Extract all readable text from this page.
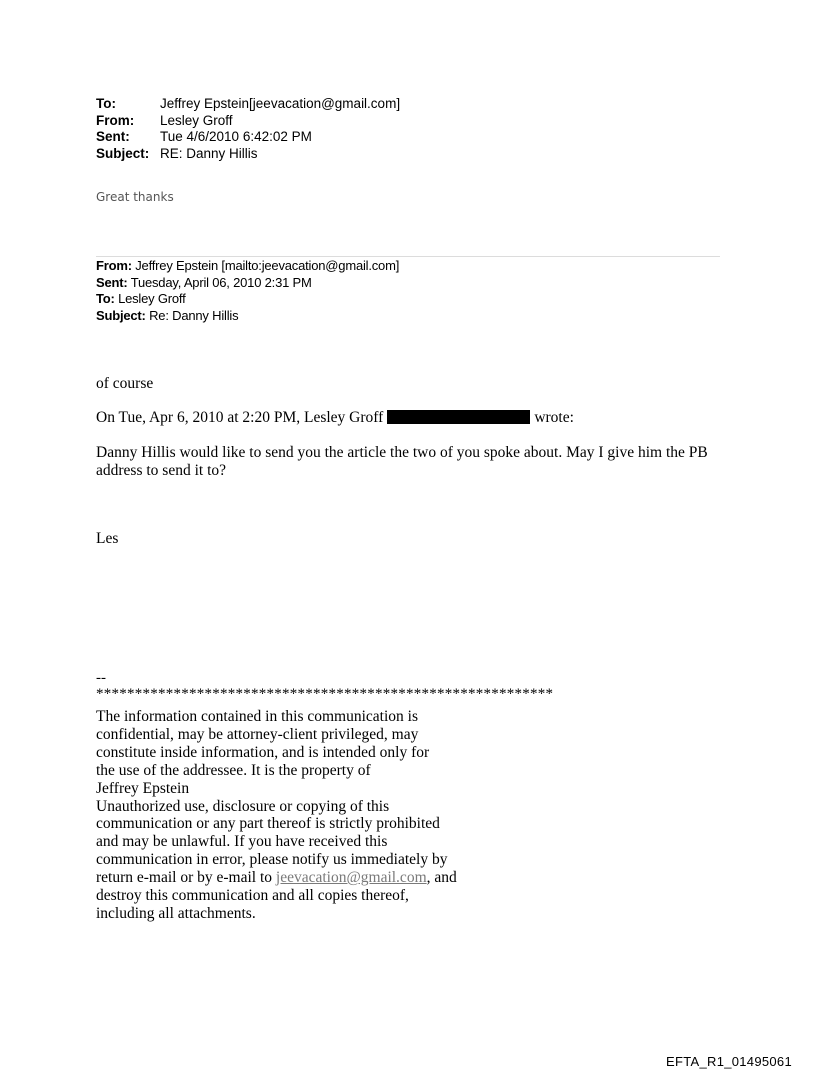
To:	Jeffrey Epstein[jeevacation@gmail.com]
From:	Lesley Groff
Sent:	Tue 4/6/2010 6:42:02 PM
Subject: RE: Danny Hillis
Great thanks
From: Jeffrey Epstein [mailto:jeevacation@gmail.com]
Sent: Tuesday, April 06, 2010 2:31 PM
To: Lesley Groff
Subject: Re: Danny Hillis
of course
On Tue, Apr 6, 2010 at 2:20 PM, Lesley Groff	wrote:
Danny Hillis would like to send you the article the two of you spoke about. May I give him the PB address to send it to?
Les
--
***********************************************************
The information contained in this communication is
confidential, may be attorney-client privileged, may
constitute inside information, and is intended only for
the use of the addressee. It is the property of
Jeffrey Epstein
Unauthorized use, disclosure or copying of this
communication or any part thereof is strictly prohibited
and may be unlawful. If you have received this
communication in error, please notify us immediately by
return e-mail or by e-mail to jeevacation@gmail.com, and
destroy this communication and all copies thereof,
including all attachments.
EFTA_R1_01495061
